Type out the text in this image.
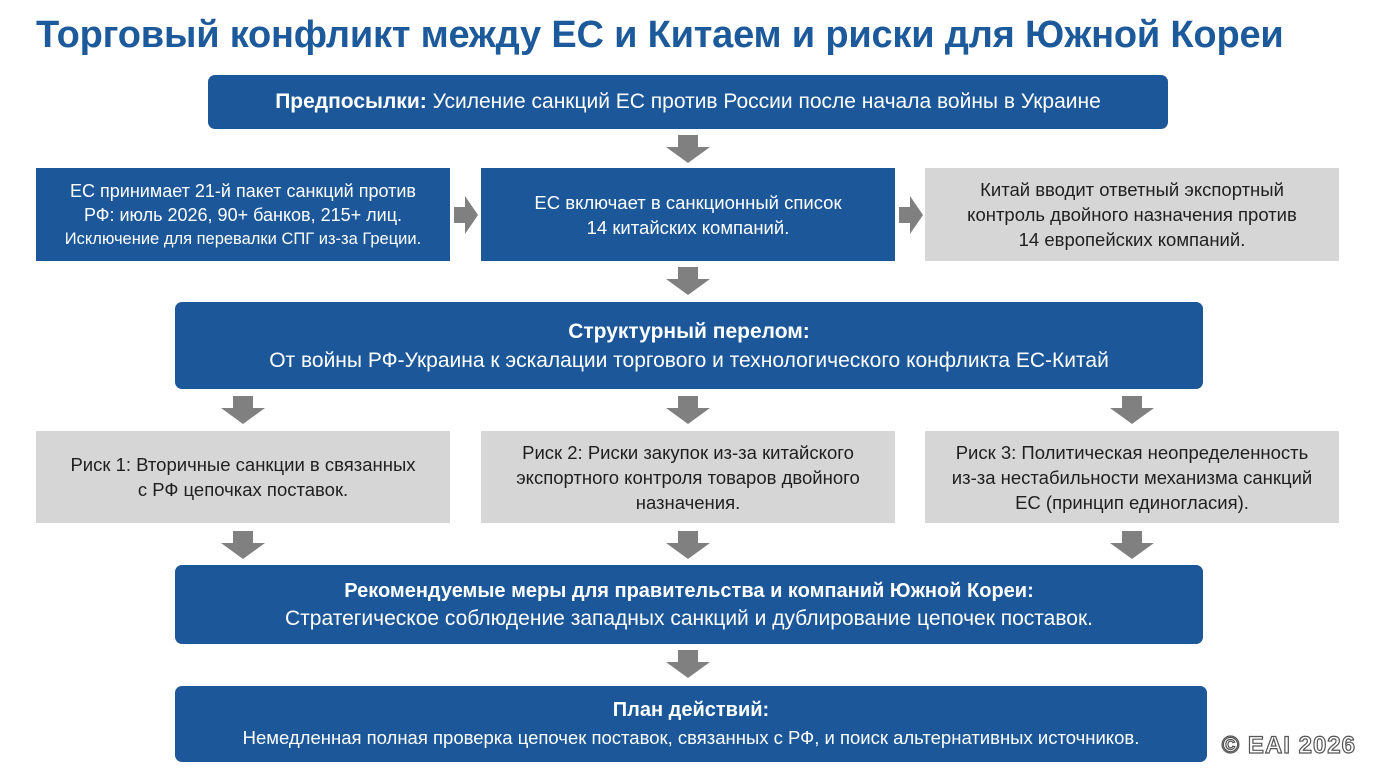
Торговый конфликт между ЕС и Китаем и риски для Южной Кореи
Предпосылки: Усиление санкций ЕС против России после начала войны в Украине
ЕС принимает 21-й пакет санкций против
РФ: июль 2026, 90+ банков, 215+ лиц.
Исключение для перевалки СПГ из-за Греции.
ЕС включает в санкционный список
14 китайских компаний.
Китай вводит ответный экспортный
контроль двойного назначения против
14 европейских компаний.
Структурный перелом:
От войны РФ-Украина к эскалации торгового и технологического конфликта ЕС-Китай
Риск 1: Вторичные санкции в связанных
с РФ цепочках поставок.
Риск 2: Риски закупок из-за китайского
экспортного контроля товаров двойного
назначения.
Риск 3: Политическая неопределенность
из-за нестабильности механизма санкций
ЕС (принцип единогласия).
Рекомендуемые меры для правительства и компаний Южной Кореи:
Стратегическое соблюдение западных санкций и дублирование цепочек поставок.
План действий:
Немедленная полная проверка цепочек поставок, связанных с РФ, и поиск альтернативных источников.	© EAI 2026
